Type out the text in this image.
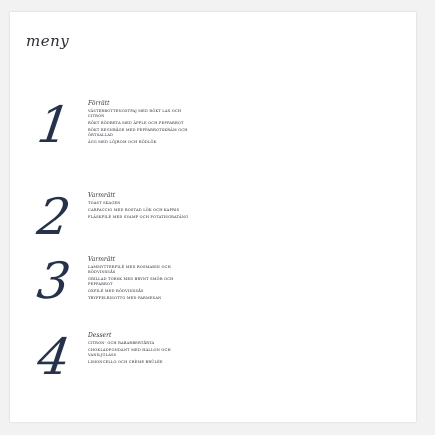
meny
1 Förrätt
VÄSTERBOTTENOSTPAJ MED RÖKT LAX OCH CITRON
RÖKT RÖDBETA MED ÄPPLE OCH PEPPARROT
RÖKT REGNBÅGE MED PEPPARROTSKRÄM OCH ÖRTSALLAD
ÄGG MED LÖJROM OCH RÖDLÖK
2 Varmrätt
TOAST SKAGEN
CARPACCIO MED ROSTAD LÖK OCH KAPRIS
FLÄSKFILÉ MED SVAMP OCH POTATISGRATÄNG
3 Varmrätt
LAMMYTTERFILÉ MED ROSMARIN OCH RÖDVINSSÅS
GRILLAD TORSK MED BRYNT SMÖR OCH PEPPARROT
OXFILÉ MED RÖDVINSSÅS
TRYFFELRISOTTO MED PARMESAN
4 Dessert
CITRON- OCH RABARBERTÅRTA
CHOKLADFONDANT MED HALLON OCH VANILJGLASS
LIMONCELLO OCH CRÈME BRÛLÉE
